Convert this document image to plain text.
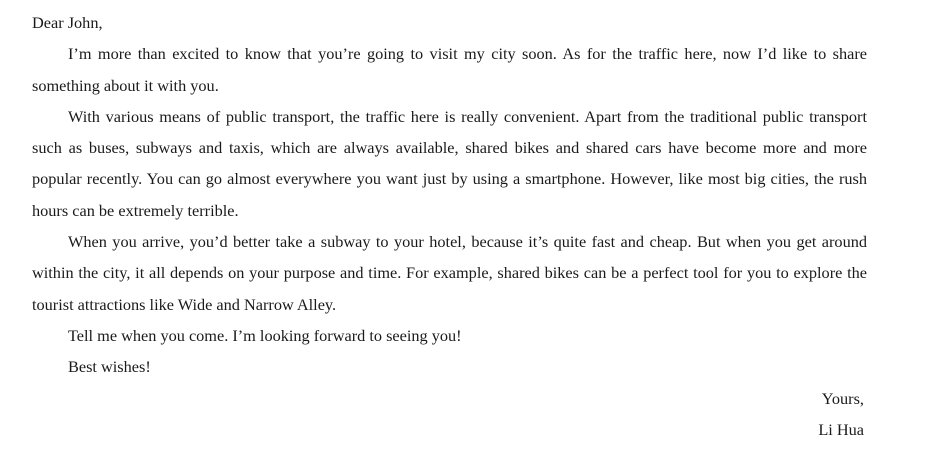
Dear John,

I’m more than excited to know that you’re going to visit my city soon. As for the traffic here, now I’d like to share something about it with you.

With various means of public transport, the traffic here is really convenient. Apart from the traditional public transport such as buses, subways and taxis, which are always available, shared bikes and shared cars have become more and more popular recently. You can go almost everywhere you want just by using a smartphone. However, like most big cities, the rush hours can be extremely terrible.

When you arrive, you’d better take a subway to your hotel, because it’s quite fast and cheap. But when you get around within the city, it all depends on your purpose and time. For example, shared bikes can be a perfect tool for you to explore the tourist attractions like Wide and Narrow Alley.

Tell me when you come. I’m looking forward to seeing you!

Best wishes!

Yours,

Li Hua
